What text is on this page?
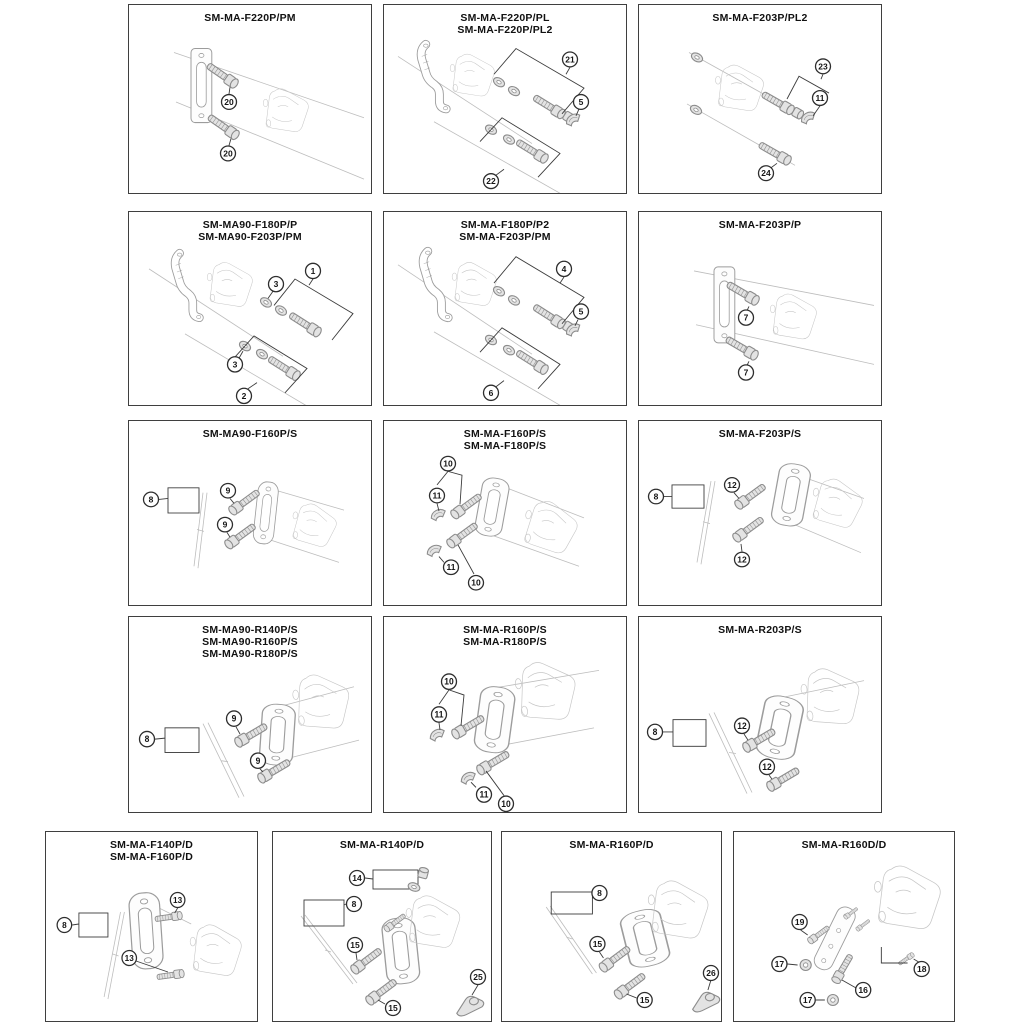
SM-MA-F220P/PM
20
20
SM-MA-F220P/PL
SM-MA-F220P/PL2
21
5
22
SM-MA-F203P/PL2
23
11
24
SM-MA90-F180P/P
SM-MA90-F203P/PM
3
1
3
2
SM-MA-F180P/P2
SM-MA-F203P/PM
4
5
6
SM-MA-F203P/P
7
7
SM-MA90-F160P/S
8
9
9
SM-MA-F160P/S
SM-MA-F180P/S
10
11
11
10
SM-MA-F203P/S
8
12
12
SM-MA90-R140P/S
SM-MA90-R160P/S
SM-MA90-R180P/S
8
9
9
SM-MA-R160P/S
SM-MA-R180P/S
10
11
11
10
SM-MA-R203P/S
8
12
12
SM-MA-F140P/D
SM-MA-F160P/D
8
13
13
SM-MA-R140P/D
14
8
15
15
25
SM-MA-R160P/D
8
15
15
26
SM-MA-R160D/D
19
17
16
17
18
